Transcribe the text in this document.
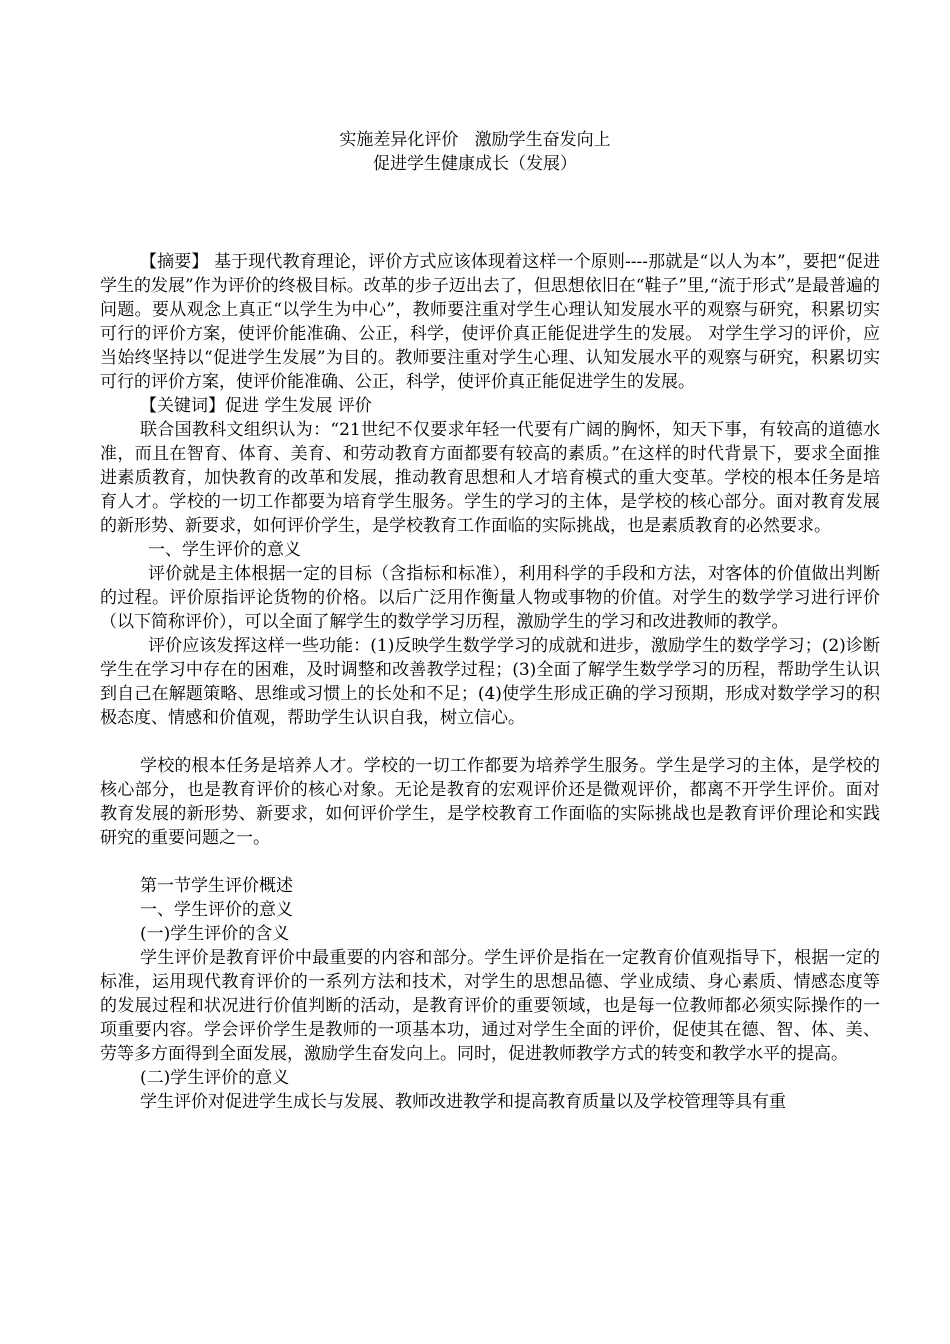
实施差异化评价   激励学生奋发向上
促进学生健康成长（发展）

【摘要】 基于现代教育理论，评价方式应该体现着这样一个原则----那就是“以人为本”，要把“促进学生的发展”作为评价的终极目标。改革的步子迈出去了，但思想依旧在“鞋子”里,“流于形式”是最普遍的问题。要从观念上真正“以学生为中心”，教师要注重对学生心理认知发展水平的观察与研究，积累切实可行的评价方案，使评价能准确、公正，科学，使评价真正能促进学生的发展。 对学生学习的评价，应当始终坚持以“促进学生发展”为目的。教师要注重对学生心理、认知发展水平的观察与研究，积累切实可行的评价方案，使评价能准确、公正，科学，使评价真正能促进学生的发展。

【关键词】促进 学生发展 评价

联合国教科文组织认为：“21世纪不仅要求年轻一代要有广阔的胸怀，知天下事，有较高的道德水准，而且在智育、体育、美育、和劳动教育方面都要有较高的素质。”在这样的时代背景下，要求全面推进素质教育，加快教育的改革和发展，推动教育思想和人才培育模式的重大变革。学校的根本任务是培育人才。学校的一切工作都要为培育学生服务。学生的学习的主体，是学校的核心部分。面对教育发展的新形势、新要求，如何评价学生，是学校教育工作面临的实际挑战，也是素质教育的必然要求。

一、学生评价的意义

评价就是主体根据一定的目标（含指标和标准），利用科学的手段和方法，对客体的价值做出判断的过程。评价原指评论货物的价格。以后广泛用作衡量人物或事物的价值。对学生的数学学习进行评价（以下简称评价），可以全面了解学生的数学学习历程，激励学生的学习和改进教师的教学。

评价应该发挥这样一些功能：(1)反映学生数学学习的成就和进步，激励学生的数学学习；(2)诊断学生在学习中存在的困难，及时调整和改善教学过程；(3)全面了解学生数学学习的历程，帮助学生认识到自己在解题策略、思维或习惯上的长处和不足；(4)使学生形成正确的学习预期，形成对数学学习的积极态度、情感和价值观，帮助学生认识自我，树立信心。

学校的根本任务是培养人才。学校的一切工作都要为培养学生服务。学生是学习的主体，是学校的核心部分，也是教育评价的核心对象。无论是教育的宏观评价还是微观评价，都离不开学生评价。面对教育发展的新形势、新要求，如何评价学生，是学校教育工作面临的实际挑战也是教育评价理论和实践研究的重要问题之一。

第一节学生评价概述

一、学生评价的意义

(一)学生评价的含义

学生评价是教育评价中最重要的内容和部分。学生评价是指在一定教育价值观指导下，根据一定的标准，运用现代教育评价的一系列方法和技术，对学生的思想品德、学业成绩、身心素质、情感态度等的发展过程和状况进行价值判断的活动，是教育评价的重要领域，也是每一位教师都必须实际操作的一项重要内容。学会评价学生是教师的一项基本功，通过对学生全面的评价，促使其在德、智、体、美、劳等多方面得到全面发展，激励学生奋发向上。同时，促进教师教学方式的转变和教学水平的提高。

(二)学生评价的意义

学生评价对促进学生成长与发展、教师改进教学和提高教育质量以及学校管理等具有重
